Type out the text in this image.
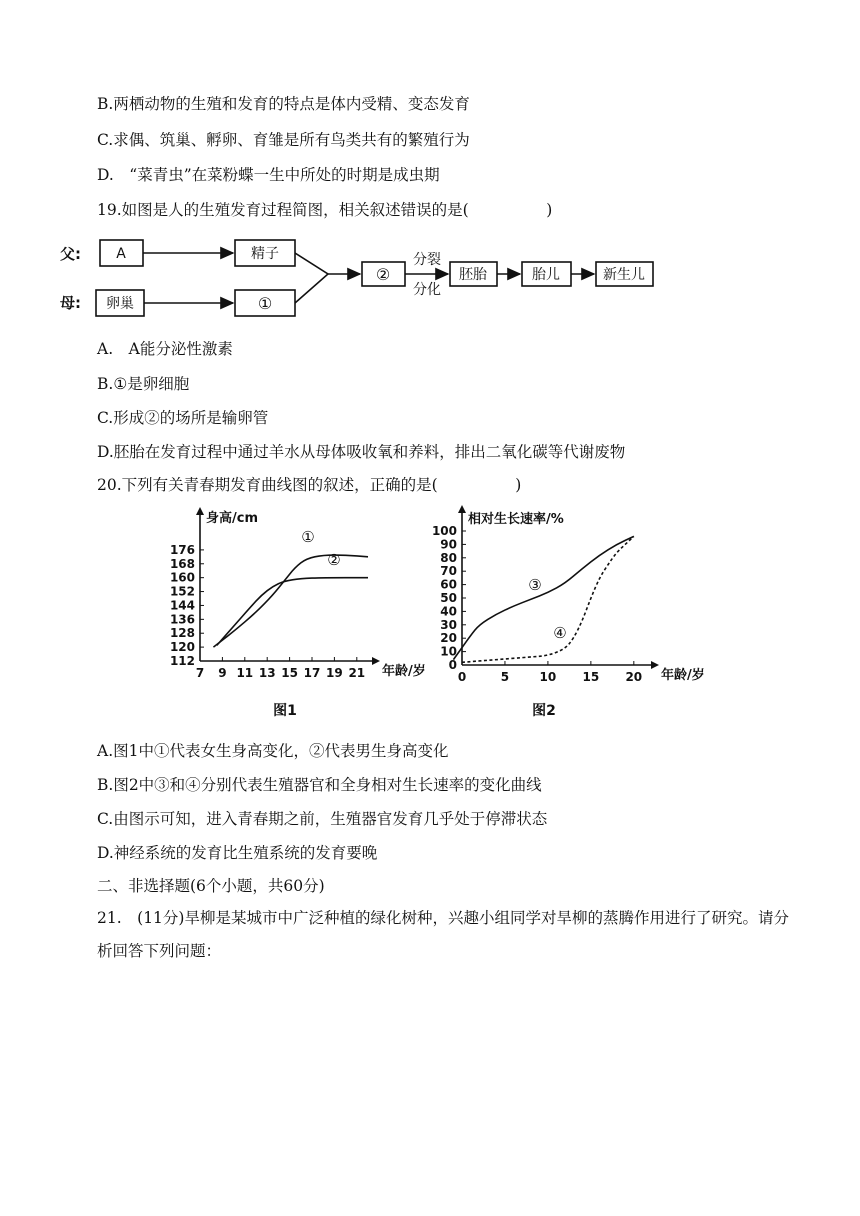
B.两栖动物的生殖和发育的特点是体内受精、变态发育
C.求偶、筑巢、孵卵、育雏是所有鸟类共有的繁殖行为
D.　“菜青虫”在菜粉蝶一生中所处的时期是成虫期
19.如图是人的生殖发育过程简图，相关叙述错误的是(　　　　　)
父:
母:
A	精子
卵巢	①
②
分裂
分化
胚胎	胎儿	新生儿
A.　A能分泌性激素
B.①是卵细胞
C.形成②的场所是输卵管
D.胚胎在发育过程中通过羊水从母体吸收氧和养料，排出二氧化碳等代谢废物
20.下列有关青春期发育曲线图的叙述，正确的是(　　　　　)
7 9 11 13 15 17 19 21
112
120
128
136
144
152
160
168
176
身高/cm
年龄/岁
①
②
图1
0	5	10 15 20
0
10
20
30
40
50
60
70
80
90
100
相对生长速率/%
年龄/岁
③
④
图2
A.图1中①代表女生身高变化，②代表男生身高变化
B.图2中③和④分别代表生殖器官和全身相对生长速率的变化曲线
C.由图示可知，进入青春期之前，生殖器官发育几乎处于停滞状态
D.神经系统的发育比生殖系统的发育要晚
二、非选择题(6个小题，共60分)
21.　(11分)旱柳是某城市中广泛种植的绿化树种，兴趣小组同学对旱柳的蒸腾作用进行了研究。请分析回答下列问题：
